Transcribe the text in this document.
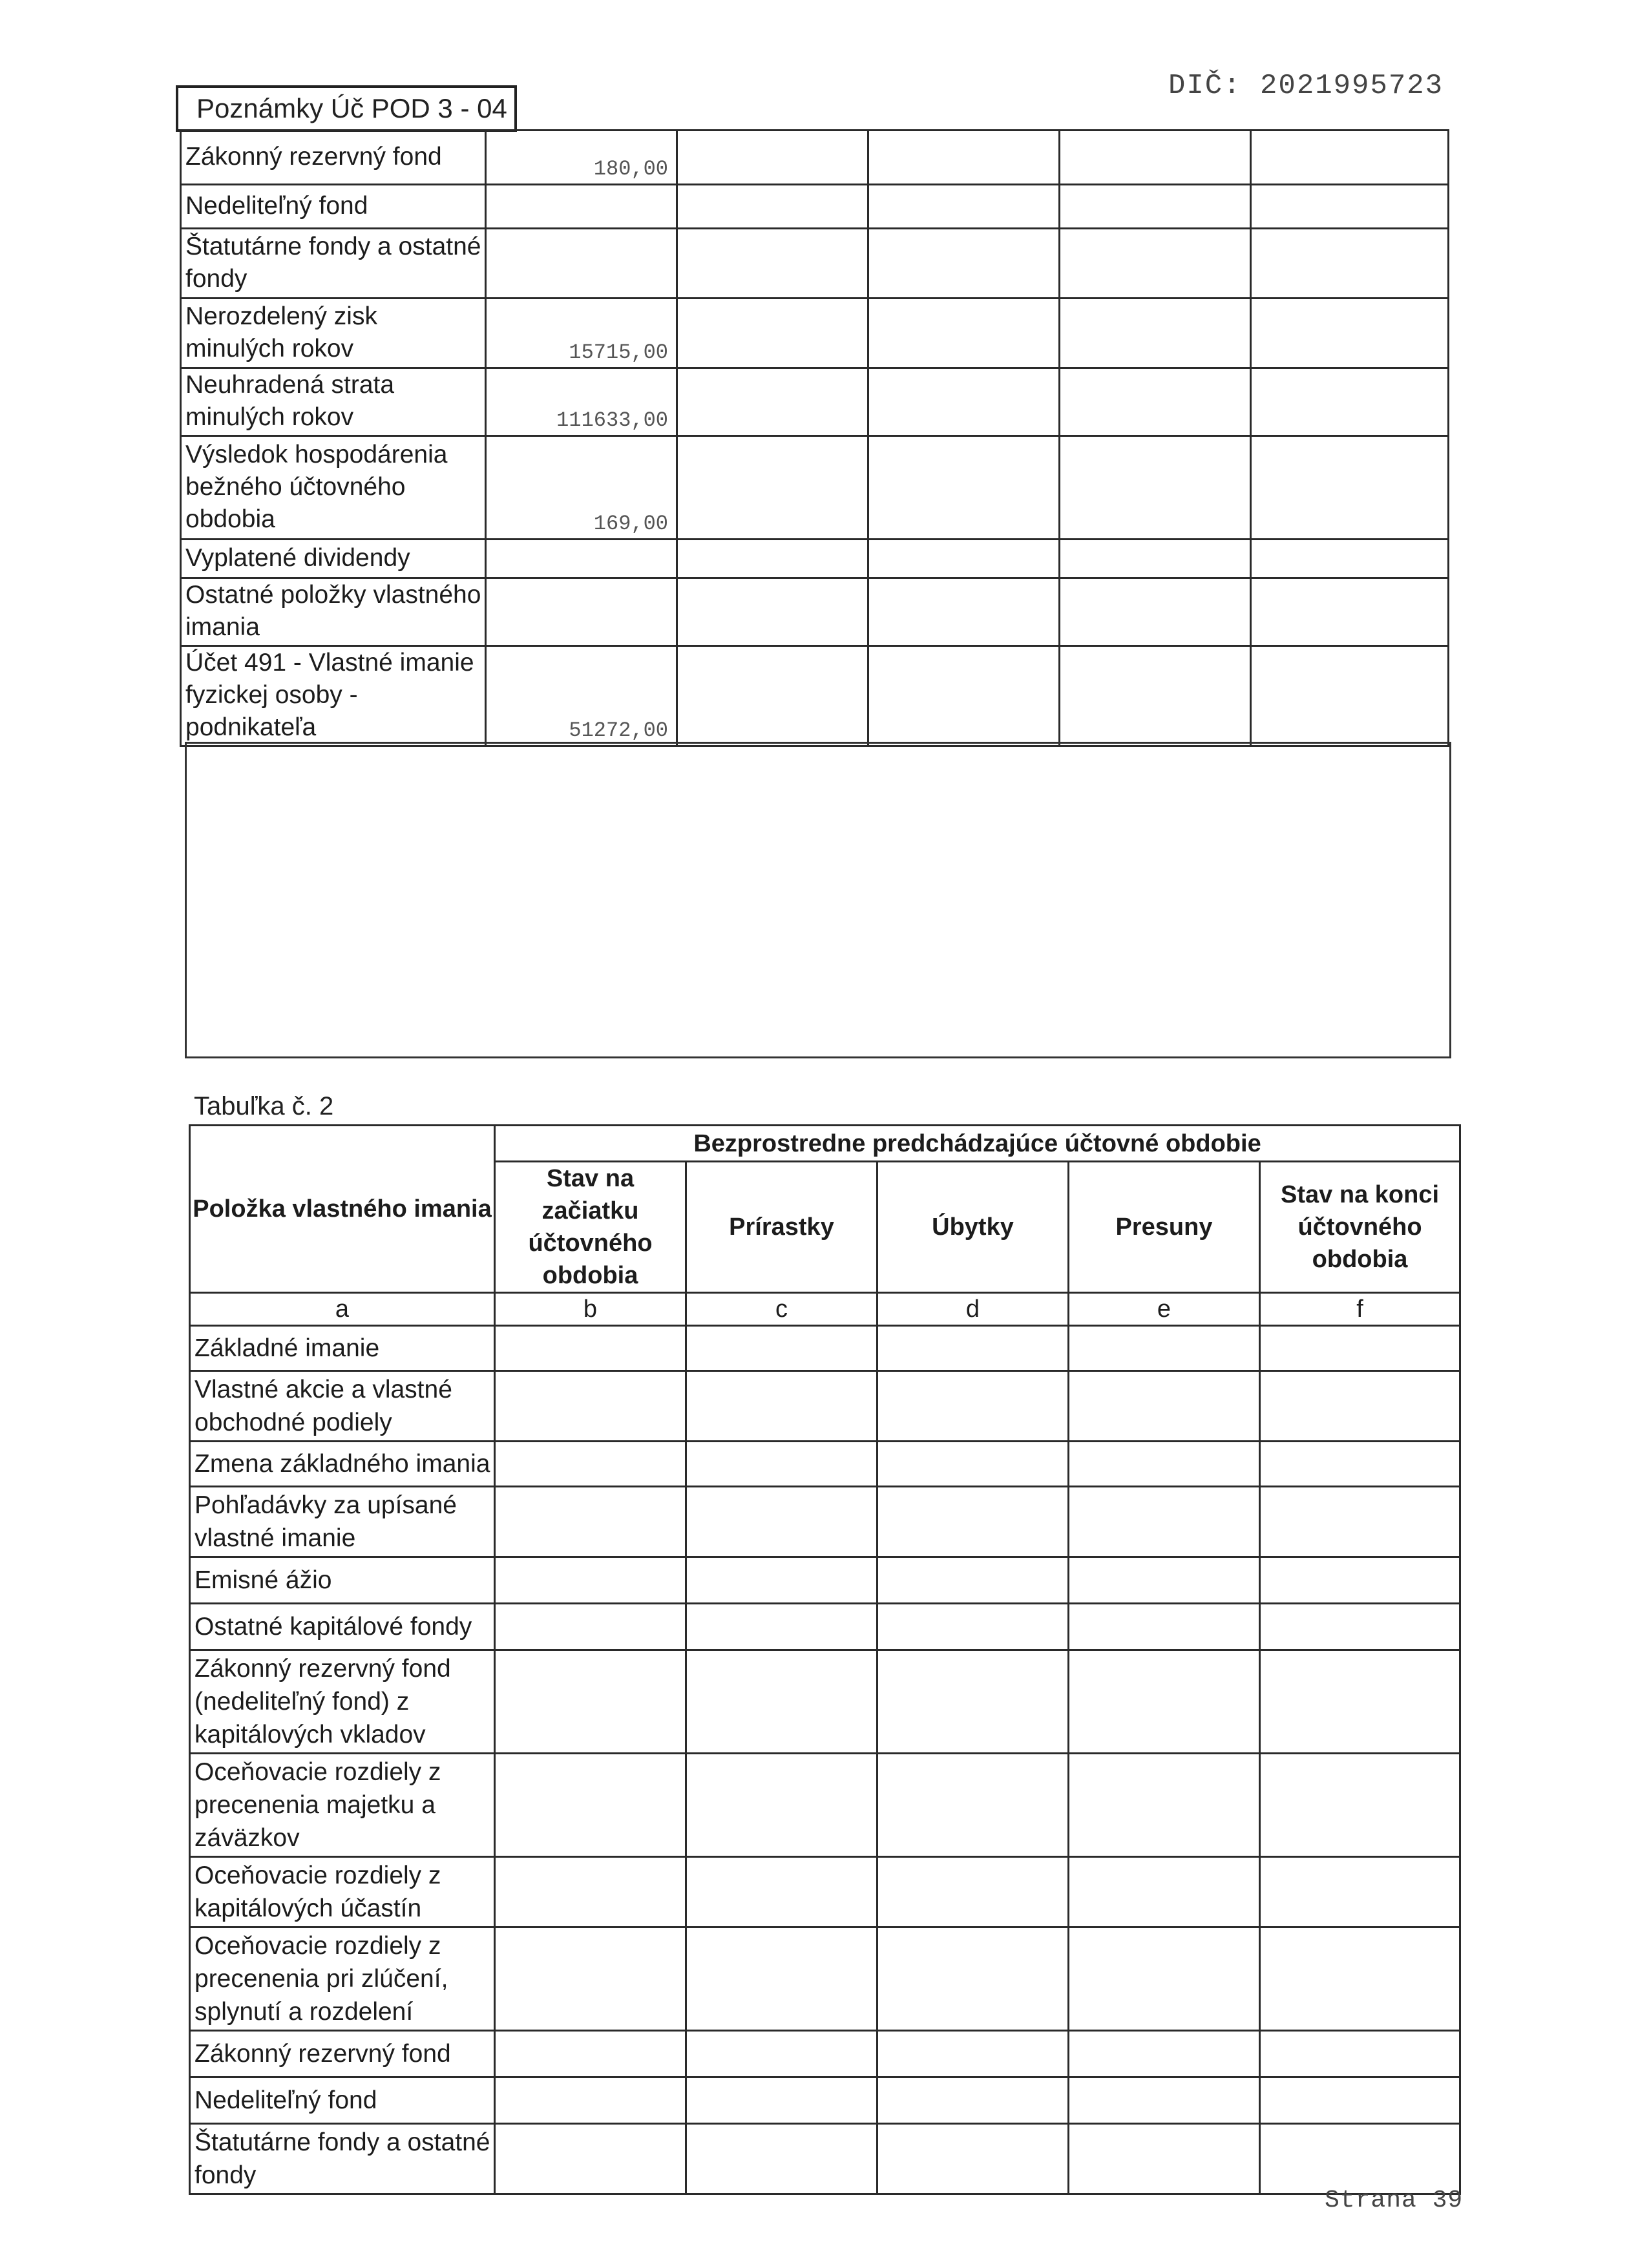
DIČ: 2021995723
Poznámky Úč POD 3 - 04
Zákonný rezervný fond	180,00				
Nedeliteľný fond					
Štatutárne fondy a ostatné fondy					
Nerozdelený zisk minulých rokov	15715,00				
Neuhradená strata minulých rokov	111633,00				
Výsledok hospodárenia bežného účtovného obdobia	169,00				
Vyplatené dividendy					
Ostatné položky vlastného imania					
Účet 491 - Vlastné imanie fyzickej osoby - podnikateľa	51272,00				
Tabuľka č. 2
Položka vlastného imania	Bezprostredne predchádzajúce účtovné obdobie				
	Stav na začiatku účtovného obdobia	Prírastky	Úbytky	Presuny	Stav na konci účtovného obdobia
a	b	c	d	e	f
Základné imanie					
Vlastné akcie a vlastné obchodné podiely					
Zmena základného imania					
Pohľadávky za upísané vlastné imanie					
Emisné ážio					
Ostatné kapitálové fondy					
Zákonný rezervný fond (nedeliteľný fond) z kapitálových vkladov					
Oceňovacie rozdiely z precenenia majetku a záväzkov					
Oceňovacie rozdiely z kapitálových účastín					
Oceňovacie rozdiely z precenenia pri zlúčení, splynutí a rozdelení					
Zákonný rezervný fond					
Nedeliteľný fond					
Štatutárne fondy a ostatné fondy					
Strana 39
